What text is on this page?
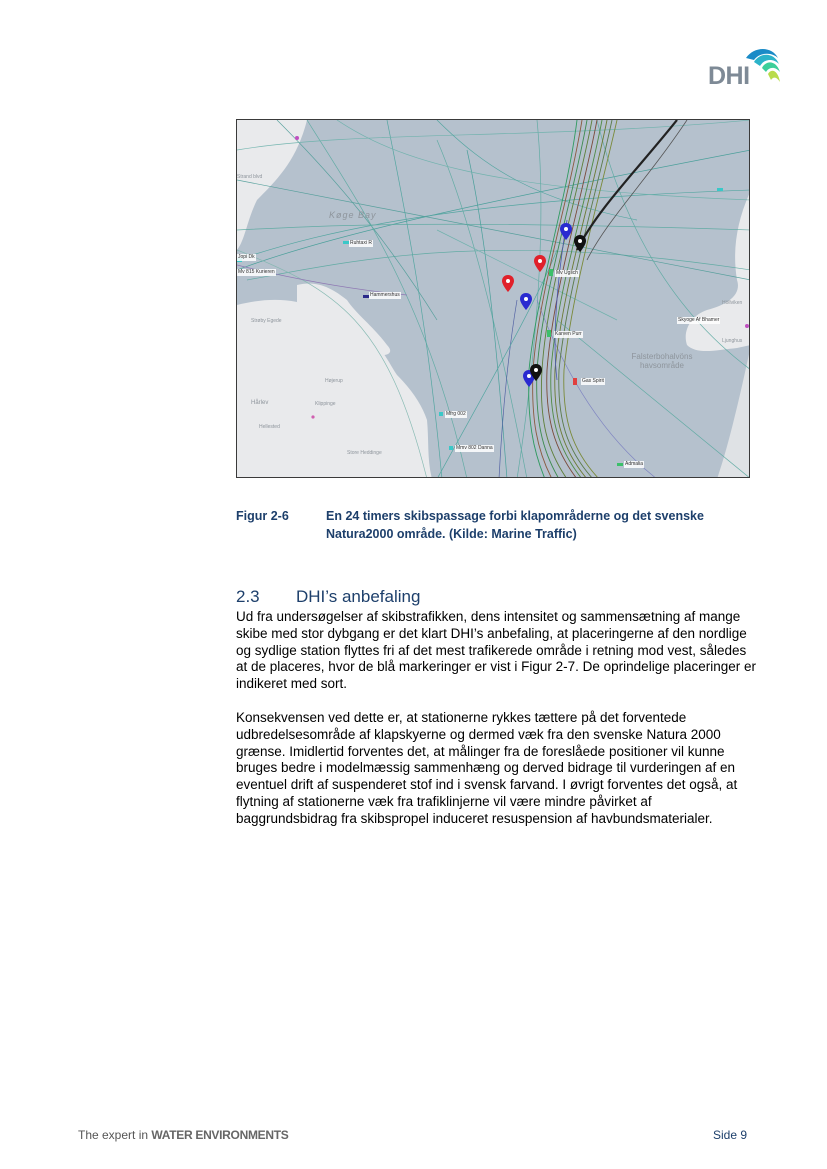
DHI
Køge Bay
Falsterbohalvöns havsområde
Höllviken
Ljunghus
Strøby Egede
Højerup
Hårlev	Klippinge
Hellested
Store Heddinge
Strand blvd
Ruhtaxi R
Jopi Dk
Mv 815 Kurieren
Hammershus
Mv Uglich
Karven Purr
Gas Spirit
Mfrg 002
Mmv 802 Danna
Admalia
Skyoge Af Bhamer
Figur 2-6	En 24 timers skibspassage forbi klapområderne og det svenske Natura2000 område. (Kilde: Marine Traffic)
2.3 DHI’s anbefaling

Ud fra undersøgelser af skibstrafikken, dens intensitet og sammensætning af mange skibe med stor dybgang er det klart DHI’s anbefaling, at placeringerne af den nordlige og sydlige station flyttes fri af det mest trafikerede område i retning mod vest, således at de placeres, hvor de blå markeringer er vist i Figur 2-7. De oprindelige placeringer er indikeret med sort.

Konsekvensen ved dette er, at stationerne rykkes tættere på det forventede udbredelsesområde af klapskyerne og dermed væk fra den svenske Natura 2000 grænse. Imidlertid forventes det, at målinger fra de foreslåede positioner vil kunne bruges bedre i modelmæssig sammenhæng og derved bidrage til vurderingen af en eventuel drift af suspenderet stof ind i svensk farvand. I øvrigt forventes det også, at flytning af stationerne væk fra trafiklinjerne vil være mindre påvirket af baggrundsbidrag fra skibspropel induceret resuspension af havbundsmaterialer.

The expert in WATER ENVIRONMENTS	Side 9
